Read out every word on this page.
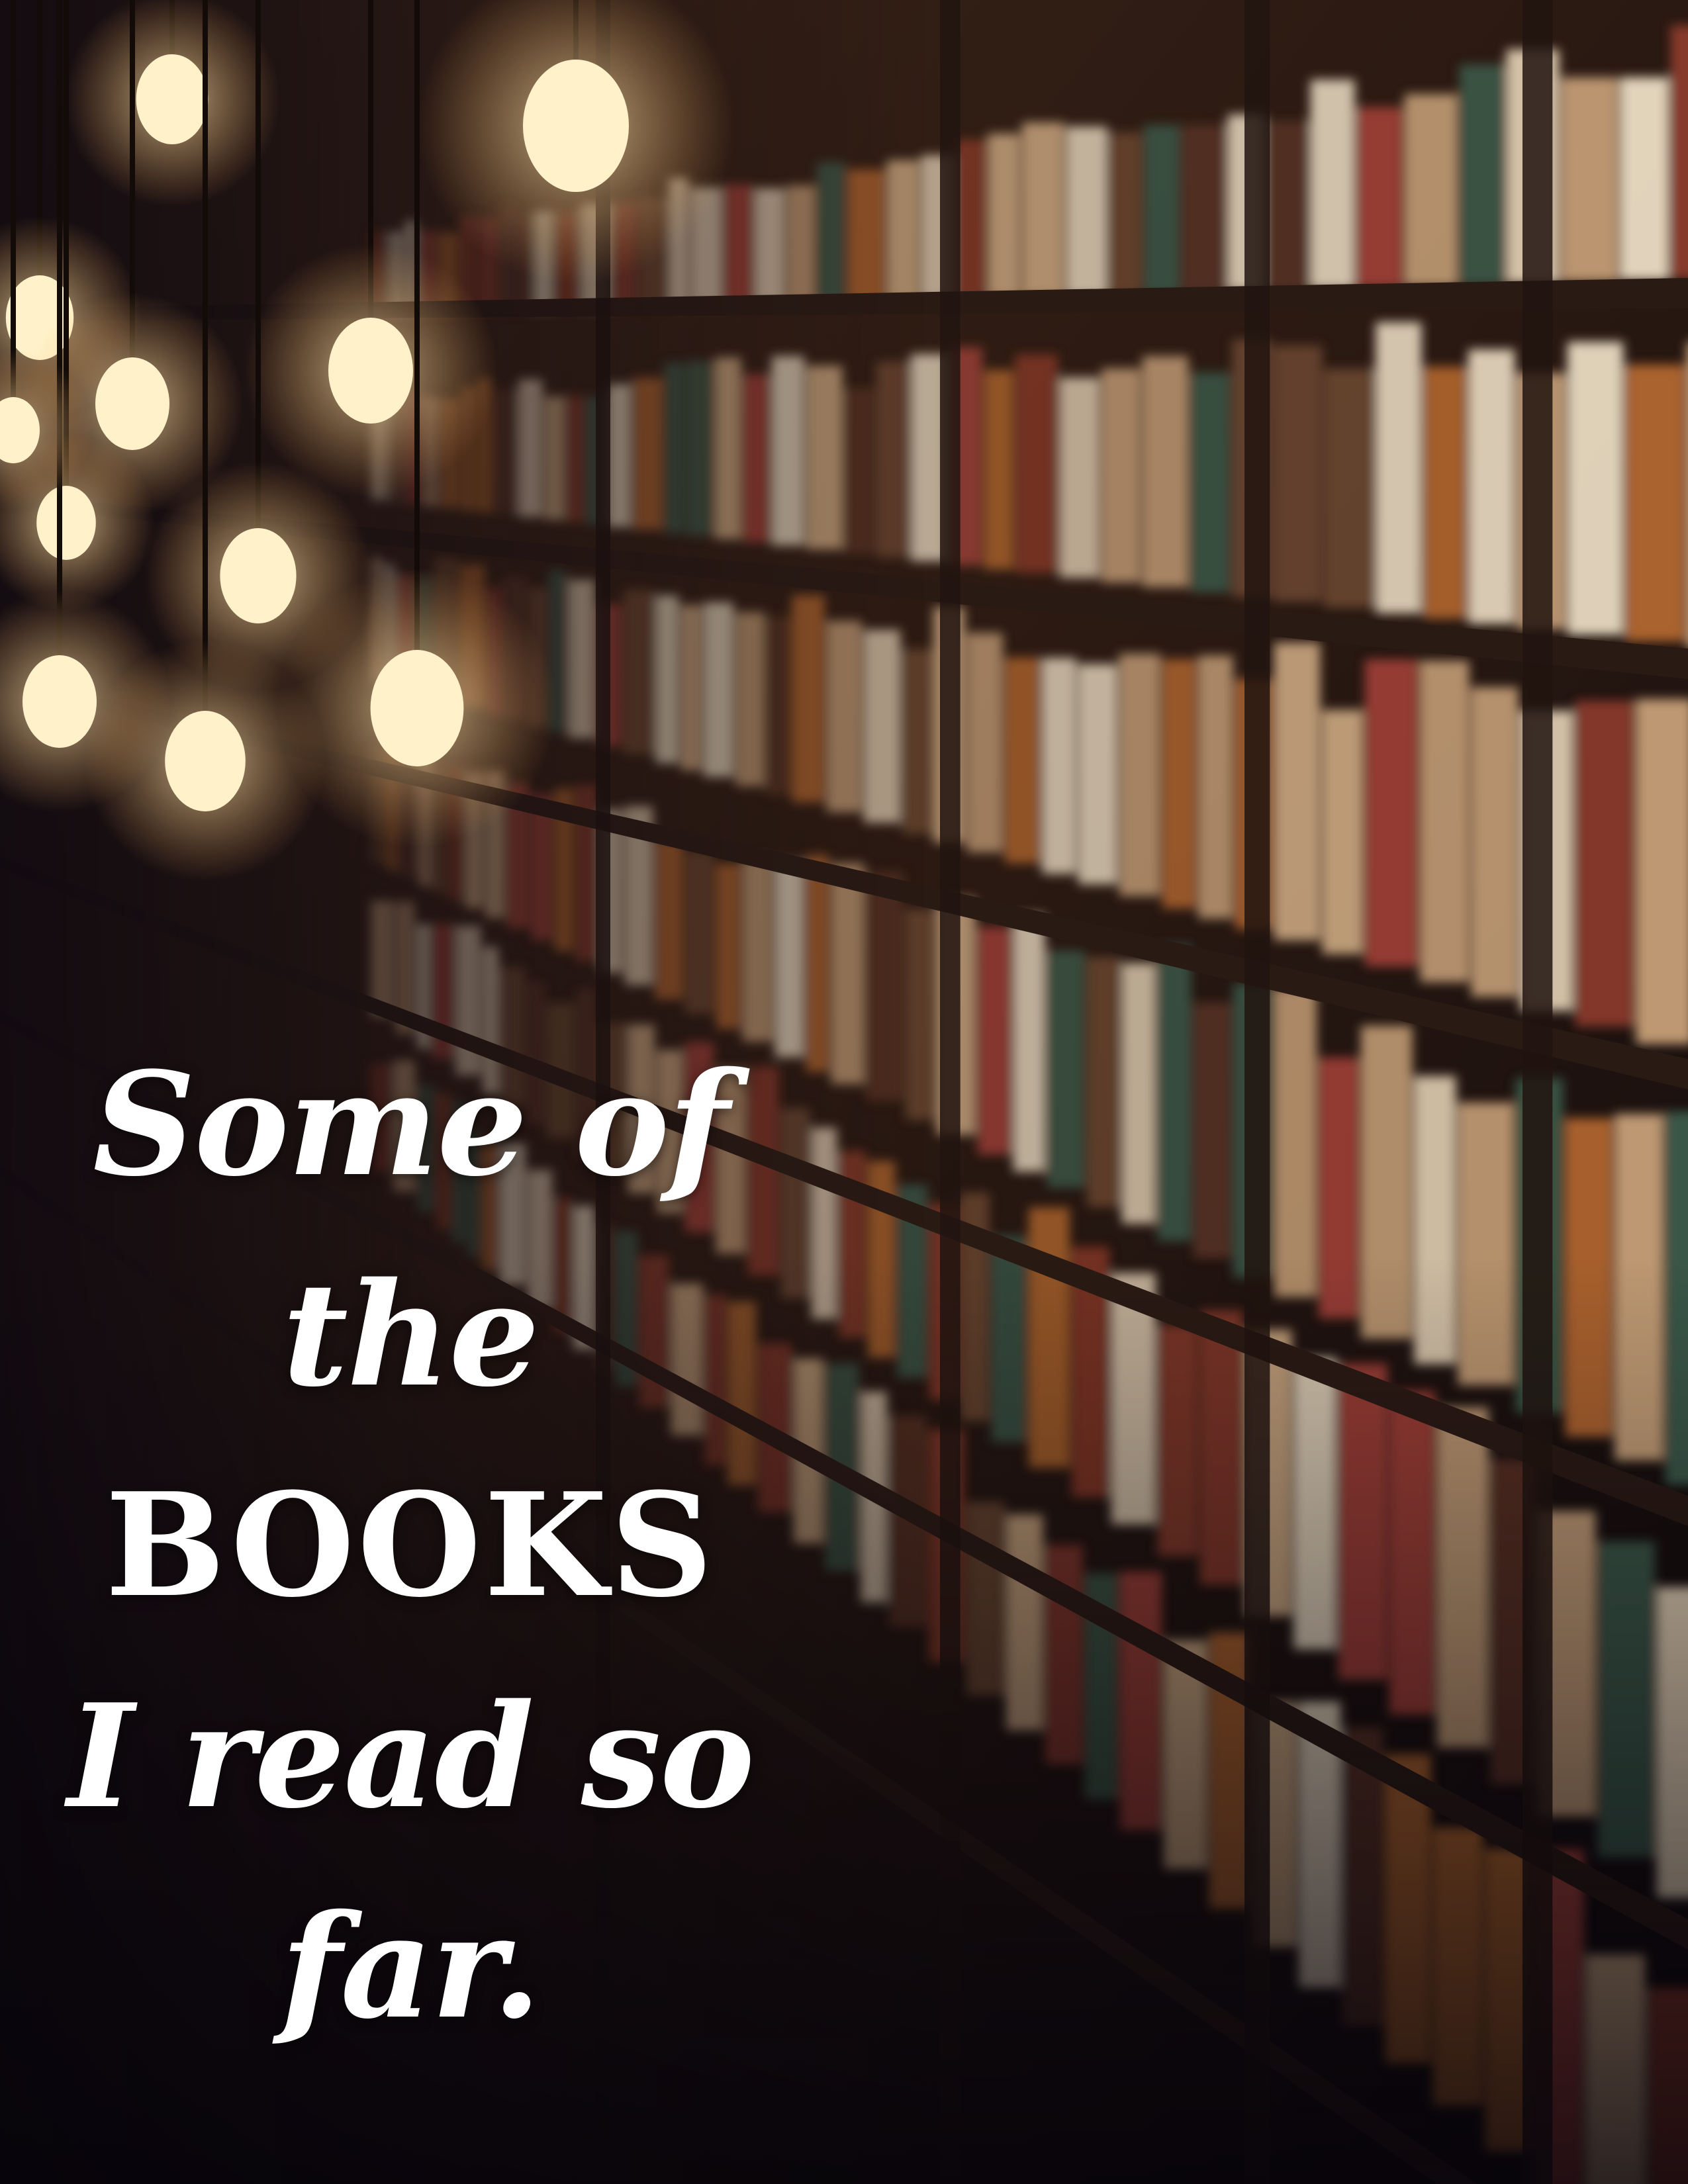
Some of
the BOOKS
I read so
far.
